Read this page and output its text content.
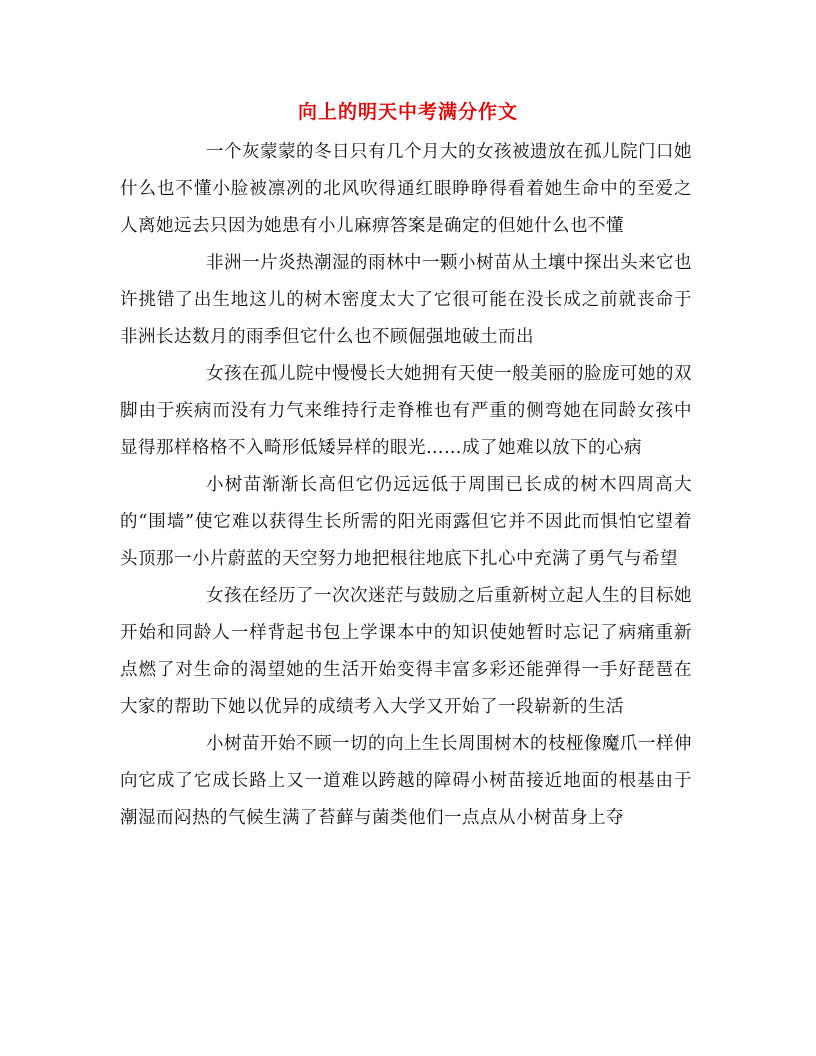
向上的明天中考满分作文

一个灰蒙蒙的冬日只有几个月大的女孩被遗放在孤儿院门口她什么也不懂小脸被凛冽的北风吹得通红眼睁睁得看着她生命中的至爱之人离她远去只因为她患有小儿麻痹答案是确定的但她什么也不懂

非洲一片炎热潮湿的雨林中一颗小树苗从土壤中探出头来它也许挑错了出生地这儿的树木密度太大了它很可能在没长成之前就丧命于非洲长达数月的雨季但它什么也不顾倔强地破土而出

女孩在孤儿院中慢慢长大她拥有天使一般美丽的脸庞可她的双脚由于疾病而没有力气来维持行走脊椎也有严重的侧弯她在同龄女孩中显得那样格格不入畸形低矮异样的眼光……成了她难以放下的心病

小树苗渐渐长高但它仍远远低于周围已长成的树木四周高大的“围墙”使它难以获得生长所需的阳光雨露但它并不因此而惧怕它望着头顶那一小片蔚蓝的天空努力地把根往地底下扎心中充满了勇气与希望

女孩在经历了一次次迷茫与鼓励之后重新树立起人生的目标她开始和同龄人一样背起书包上学课本中的知识使她暂时忘记了病痛重新点燃了对生命的渴望她的生活开始变得丰富多彩还能弹得一手好琵琶在大家的帮助下她以优异的成绩考入大学又开始了一段崭新的生活

小树苗开始不顾一切的向上生长周围树木的枝桠像魔爪一样伸向它成了它成长路上又一道难以跨越的障碍小树苗接近地面的根基由于潮湿而闷热的气候生满了苔藓与菌类他们一点点从小树苗身上夺
